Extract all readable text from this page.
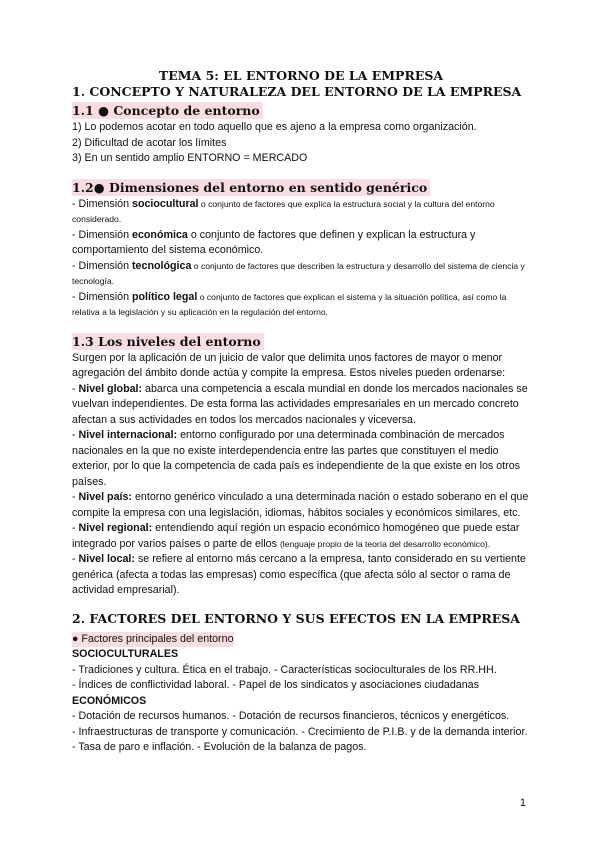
TEMA 5: EL ENTORNO DE LA EMPRESA

1. CONCEPTO Y NATURALEZA DEL ENTORNO DE LA EMPRESA

1.1 ● Concepto de entorno

1) Lo podemos acotar en todo aquello que es ajeno a la empresa como organización.

2) Dificultad de acotar los límites

3) En un sentido amplio ENTORNO = MERCADO

1.2● Dimensiones del entorno en sentido genérico

- Dimensión sociocultural o conjunto de factores que explica la estructura social y la cultura del entorno considerado.

- Dimensión económica o conjunto de factores que definen y explican la estructura y comportamiento del sistema económico.

- Dimensión tecnológica o conjunto de factores que describen la estructura y desarrollo del sistema de ciencia y tecnología.

- Dimensión político legal o conjunto de factores que explican el sistema y la situación política, así como la relativa a la legislación y su aplicación en la regulación del entorno.

1.3 Los niveles del entorno

Surgen por la aplicación de un juicio de valor que delimita unos factores de mayor o menor agregación del ámbito donde actúa y compite la empresa. Estos niveles pueden ordenarse:

- Nivel global: abarca una competencia a escala mundial en donde los mercados nacionales se vuelvan independientes. De esta forma las actividades empresariales en un mercado concreto afectan a sus actividades en todos los mercados nacionales y viceversa.

- Nivel internacional: entorno configurado por una determinada combinación de mercados nacionales en la que no existe interdependencia entre las partes que constituyen el medio exterior, por lo que la competencia de cada país es independiente de la que existe en los otros países.

- Nivel país: entorno genérico vinculado a una determinada nación o estado soberano en el que compite la empresa con una legislación, idiomas, hábitos sociales y económicos similares, etc.

- Nivel regional: entendiendo aquí región un espacio económico homogéneo que puede estar integrado por varios países o parte de ellos (lenguaje propio de la teoría del desarrollo económico).

- Nivel local: se refiere al entorno más cercano a la empresa, tanto considerado en su vertiente genérica (afecta a todas las empresas) como específica (que afecta sólo al sector o rama de actividad empresarial).

2. FACTORES DEL ENTORNO Y SUS EFECTOS EN LA EMPRESA

● Factores principales del entorno

SOCIOCULTURALES

- Tradiciones y cultura. Ética en el trabajo. - Características socioculturales de los RR.HH.

- Índices de conflictividad laboral. - Papel de los sindicatos y asociaciones ciudadanas

ECONÓMICOS

- Dotación de recursos humanos. - Dotación de recursos financieros, técnicos y energéticos.

- Infraestructuras de transporte y comunicación. - Crecimiento de P.I.B. y de la demanda interior.

- Tasa de paro e inflación. - Evolución de la balanza de pagos.

1
